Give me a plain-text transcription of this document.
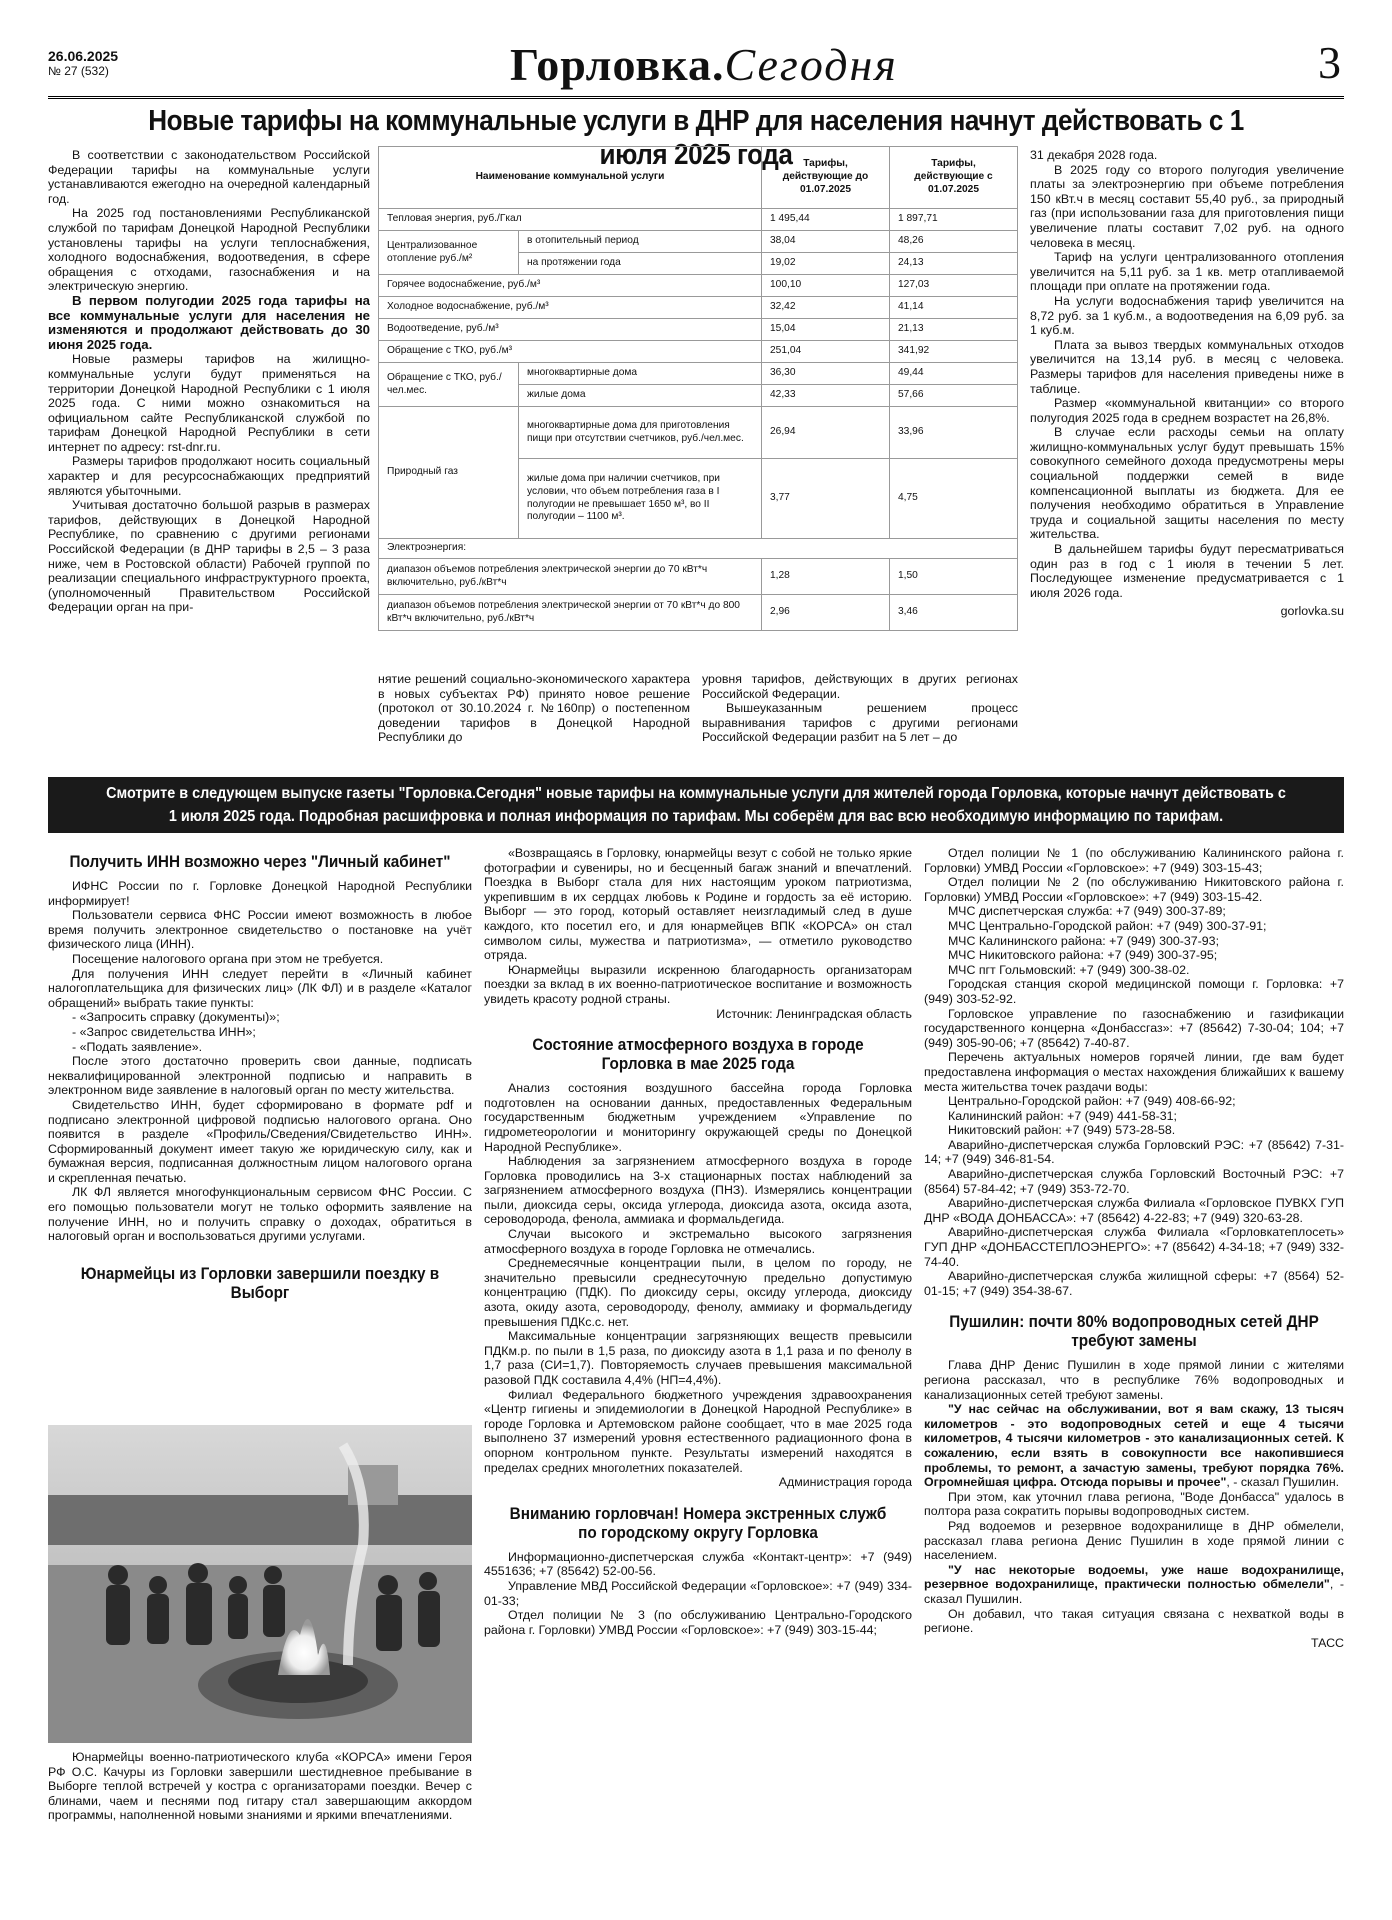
26.06.2025
№ 27 (532)	Горловка.Сегодня	3
Новые тарифы на коммунальные услуги в ДНР для населения начнут действовать с 1 июля 2025 года

В соответствии с законодательством Российской Федерации тарифы на коммунальные услуги устанавливаются ежегодно на очередной календарный год.

На 2025 год постановлениями Республиканской службой по тарифам Донецкой Народной Республики установлены тарифы на услуги теплоснабжения, холодного водоснабжения, водоотведения, в сфере обращения с отходами, газоснабжения и на электрическую энергию.

В первом полугодии 2025 года тарифы на все коммунальные услуги для населения не изменяются и продолжают действовать до 30 июня 2025 года.

Новые размеры тарифов на жилищно-коммунальные услуги будут применяться на территории Донецкой Народной Республики с 1 июля 2025 года. С ними можно ознакомиться на официальном сайте Республиканской службой по тарифам Донецкой Народной Республики в сети интернет по адресу: rst-dnr.ru.

Размеры тарифов продолжают носить социальный характер и для ресурсоснабжающих предприятий являются убыточными.

Учитывая достаточно большой разрыв в размерах тарифов, действующих в Донецкой Народной Республике, по сравнению с другими регионами Российской Федерации (в ДНР тарифы в 2,5 – 3 раза ниже, чем в Ростовской области) Рабочей группой по реализации специального инфраструктурного проекта, (уполномоченный Правительством Российской Федерации орган на при-

Наименование коммунальной услуги		Тарифы, действующие до 01.07.2025	Тарифы, действующие с 01.07.2025
Тепловая энергия, руб./Гкал		1 495,44	1 897,71
Централизованное отопление руб./м²	в отопительный период	38,04	48,26
	на протяжении года	19,02	24,13
Горячее водоснабжение, руб./м³		100,10	127,03
Холодное водоснабжение, руб./м³		32,42	41,14
Водоотведение, руб./м³		15,04	21,13
Обращение с ТКО, руб./м³		251,04	341,92
Обращение с ТКО, руб./чел.мес.	многоквартирные дома	36,30	49,44
	жилые дома	42,33	57,66
Природный газ	многоквартирные дома для приготовления пищи при отсутствии счетчиков, руб./чел.мес.	26,94	33,96
	жилые дома при наличии счетчиков, при условии, что объем потребления газа в I полугодии не превышает 1650 м³, во II полугодии – 1100 м³.	3,77	4,75
Электроэнергия:			
диапазон объемов потребления электрической энергии до 70 кВт*ч включительно, руб./кВт*ч		1,28	1,50
диапазон объемов потребления электрической энергии от 70 кВт*ч до 800 кВт*ч включительно, руб./кВт*ч		2,96	3,46

нятие решений социально-экономического характера в новых субъектах РФ) принято новое решение (протокол от 30.10.2024 г. №160пр) о постепенном доведении тарифов в Донецкой Народной Республики до

уровня тарифов, действующих в других регионах Российской Федерации.

Вышеуказанным решением процесс выравнивания тарифов с другими регионами Российской Федерации разбит на 5 лет – до

31 декабря 2028 года.

В 2025 году со второго полугодия увеличение платы за электроэнергию при объеме потребления 150 кВт.ч в месяц составит 55,40 руб., за природный газ (при использовании газа для приготовления пищи увеличение платы составит 7,02 руб. на одного человека в месяц.

Тариф на услуги централизованного отопления увеличится на 5,11 руб. за 1 кв. метр отапливаемой площади при оплате на протяжении года.

На услуги водоснабжения тариф увеличится на 8,72 руб. за 1 куб.м., а водоотведения на 6,09 руб. за 1 куб.м.

Плата за вывоз твердых коммунальных отходов увеличится на 13,14 руб. в месяц с человека. Размеры тарифов для населения приведены ниже в таблице.

Размер «коммунальной квитанции» со второго полугодия 2025 года в среднем возрастет на 26,8%.

В случае если расходы семьи на оплату жилищно-коммунальных услуг будут превышать 15% совокупного семейного дохода предусмотрены меры социальной поддержки семей в виде компенсационной выплаты из бюджета. Для ее получения необходимо обратиться в Управление труда и социальной защиты населения по месту жительства.

В дальнейшем тарифы будут пересматриваться один раз в год с 1 июля в течении 5 лет. Последующее изменение предусматривается с 1 июля 2026 года.

gorlovka.su

Смотрите в следующем выпуске газеты "Горловка.Сегодня" новые тарифы на коммунальные услуги для жителей города Горловка, которые начнут действовать с 1 июля 2025 года. Подробная расшифровка и полная информация по тарифам. Мы соберём для вас всю необходимую информацию по тарифам.
Получить ИНН возможно через "Личный кабинет"

ИФНС России по г. Горловке Донецкой Народной Республики информирует!

Пользователи сервиса ФНС России имеют возможность в любое время получить электронное свидетельство о постановке на учёт физического лица (ИНН).

Посещение налогового органа при этом не требуется.

Для получения ИНН следует перейти в «Личный кабинет налогоплательщика для физических лиц» (ЛК ФЛ) и в разделе «Каталог обращений» выбрать такие пункты:

- «Запросить справку (документы)»;

- «Запрос свидетельства ИНН»;

- «Подать заявление».

После этого достаточно проверить свои данные, подписать неквалифицированной электронной подписью и направить в электронном виде заявление в налоговый орган по месту жительства.

Свидетельство ИНН, будет сформировано в формате pdf и подписано электронной цифровой подписью налогового органа. Оно появится в разделе «Профиль/Сведения/Свидетельство ИНН». Сформированный документ имеет такую же юридическую силу, как и бумажная версия, подписанная должностным лицом налогового органа и скрепленная печатью.

ЛК ФЛ является многофункциональным сервисом ФНС России. С его помощью пользователи могут не только оформить заявление на получение ИНН, но и получить справку о доходах, обратиться в налоговый орган и воспользоваться другими услугами.

Юнармейцы из Горловки завершили поездку в Выборг

Юнармейцы военно-патриотического клуба «КОРСА» имени Героя РФ О.С. Качуры из Горловки завершили шестидневное пребывание в Выборге теплой встречей у костра с организаторами поездки. Вечер с блинами, чаем и песнями под гитару стал завершающим аккордом программы, наполненной новыми знаниями и яркими впечатлениями.

«Возвращаясь в Горловку, юнармейцы везут с собой не только яркие фотографии и сувениры, но и бесценный багаж знаний и впечатлений. Поездка в Выборг стала для них настоящим уроком патриотизма, укрепившим в их сердцах любовь к Родине и гордость за её историю. Выборг — это город, который оставляет неизгладимый след в душе каждого, кто посетил его, и для юнармейцев ВПК «КОРСА» он стал символом силы, мужества и патриотизма», — отметило руководство отряда.

Юнармейцы выразили искренною благодарность организаторам поездки за вклад в их военно-патриотическое воспитание и возможность увидеть красоту родной страны.

Источник: Ленинградская область

Состояние атмосферного воздуха в городе Горловка в мае 2025 года

Анализ состояния воздушного бассейна города Горловка подготовлен на основании данных, предоставленных Федеральным государственным бюджетным учреждением «Управление по гидрометеорологии и мониторингу окружающей среды по Донецкой Народной Республике».

Наблюдения за загрязнением атмосферного воздуха в городе Горловка проводились на 3-х стационарных постах наблюдений за загрязнением атмосферного воздуха (ПНЗ). Измерялись концентрации пыли, диоксида серы, оксида углерода, диоксида азота, оксида азота, сероводорода, фенола, аммиака и формальдегида.

Случаи высокого и экстремально высокого загрязнения атмосферного воздуха в городе Горловка не отмечались.

Среднемесячные концентрации пыли, в целом по городу, не значительно превысили среднесуточную предельно допустимую концентрацию (ПДК). По диоксиду серы, оксиду углерода, диоксиду азота, окиду азота, сероводороду, фенолу, аммиаку и формальдегиду превышения ПДКс.с. нет.

Максимальные концентрации загрязняющих веществ превысили ПДКм.р. по пыли в 1,5 раза, по диоксиду азота в 1,1 раза и по фенолу в 1,7 раза (СИ=1,7). Повторяемость случаев превышения максимальной разовой ПДК составила 4,4% (НП=4,4%).

Филиал Федерального бюджетного учреждения здравоохранения «Центр гигиены и эпидемиологии в Донецкой Народной Республике» в городе Горловка и Артемовском районе сообщает, что в мае 2025 года выполнено 37 измерений уровня естественного радиационного фона в опорном контрольном пункте. Результаты измерений находятся в пределах средних многолетних показателей.

Администрация города

Вниманию горловчан! Номера экстренных служб по городскому округу Горловка

Информационно-диспетчерская служба «Контакт-центр»: +7 (949) 4551636; +7 (85642) 52-00-56.

Управление МВД Российской Федерации «Горловское»: +7 (949) 334-01-33;

Отдел полиции № 3 (по обслуживанию Центрально-Городского района г. Горловки) УМВД России «Горловское»: +7 (949) 303-15-44;

Отдел полиции № 1 (по обслуживанию Калининского района г. Горловки) УМВД России «Горловское»: +7 (949) 303-15-43;

Отдел полиции № 2 (по обслуживанию Никитовского района г. Горловки) УМВД России «Горловское»: +7 (949) 303-15-42.

МЧС диспетчерская служба: +7 (949) 300-37-89;

МЧС Центрально-Городской район: +7 (949) 300-37-91;

МЧС Калининского района: +7 (949) 300-37-93;

МЧС Никитовского района: +7 (949) 300-37-95;

МЧС пгт Гольмовский: +7 (949) 300-38-02.

Городская станция скорой медицинской помощи г. Горловка: +7 (949) 303-52-92.

Горловское управление по газоснабжению и газификации государственного концерна «Донбассгаз»: +7 (85642) 7-30-04; 104; +7 (949) 305-90-06; +7 (85642) 7-40-87.

Перечень актуальных номеров горячей линии, где вам будет предоставлена информация о местах нахождения ближайших к вашему места жительства точек раздачи воды:

Центрально-Городской район: +7 (949) 408-66-92;

Калининский район: +7 (949) 441-58-31;

Никитовский район: +7 (949) 573-28-58.

Аварийно-диспетчерская служба Горловский РЭС: +7 (85642) 7-31-14; +7 (949) 346-81-54.

Аварийно-диспетчерская служба Горловский Восточный РЭС: +7 (8564) 57-84-42; +7 (949) 353-72-70.

Аварийно-диспетчерская служба Филиала «Горловское ПУВКХ ГУП ДНР «ВОДА ДОНБАССА»: +7 (85642) 4-22-83; +7 (949) 320-63-28.

Аварийно-диспетчерская служба Филиала «Горловкатеплосеть» ГУП ДНР «ДОНБАССТЕПЛОЭНЕРГО»: +7 (85642) 4-34-18; +7 (949) 332-74-40.

Аварийно-диспетчерская служба жилищной сферы: +7 (8564) 52-01-15; +7 (949) 354-38-67.

Пушилин: почти 80% водопроводных сетей ДНР требуют замены

Глава ДНР Денис Пушилин в ходе прямой линии с жителями региона рассказал, что в республике 76% водопроводных и канализационных сетей требуют замены.

"У нас сейчас на обслуживании, вот я вам скажу, 13 тысяч километров - это водопроводных сетей и еще 4 тысячи километров, 4 тысячи километров - это канализационных сетей. К сожалению, если взять в совокупности все накопившиеся проблемы, то ремонт, а зачастую замены, требуют порядка 76%. Огромнейшая цифра. Отсюда порывы и прочее", - сказал Пушилин.

При этом, как уточнил глава региона, "Воде Донбасса" удалось в полтора раза сократить порывы водопроводных систем.

Ряд водоемов и резервное водохранилище в ДНР обмелели, рассказал глава региона Денис Пушилин в ходе прямой линии с населением.

"У нас некоторые водоемы, уже наше водохранилище, резервное водохранилище, практически полностью обмелели", - сказал Пушилин.

Он добавил, что такая ситуация связана с нехваткой воды в регионе.

ТАСС
